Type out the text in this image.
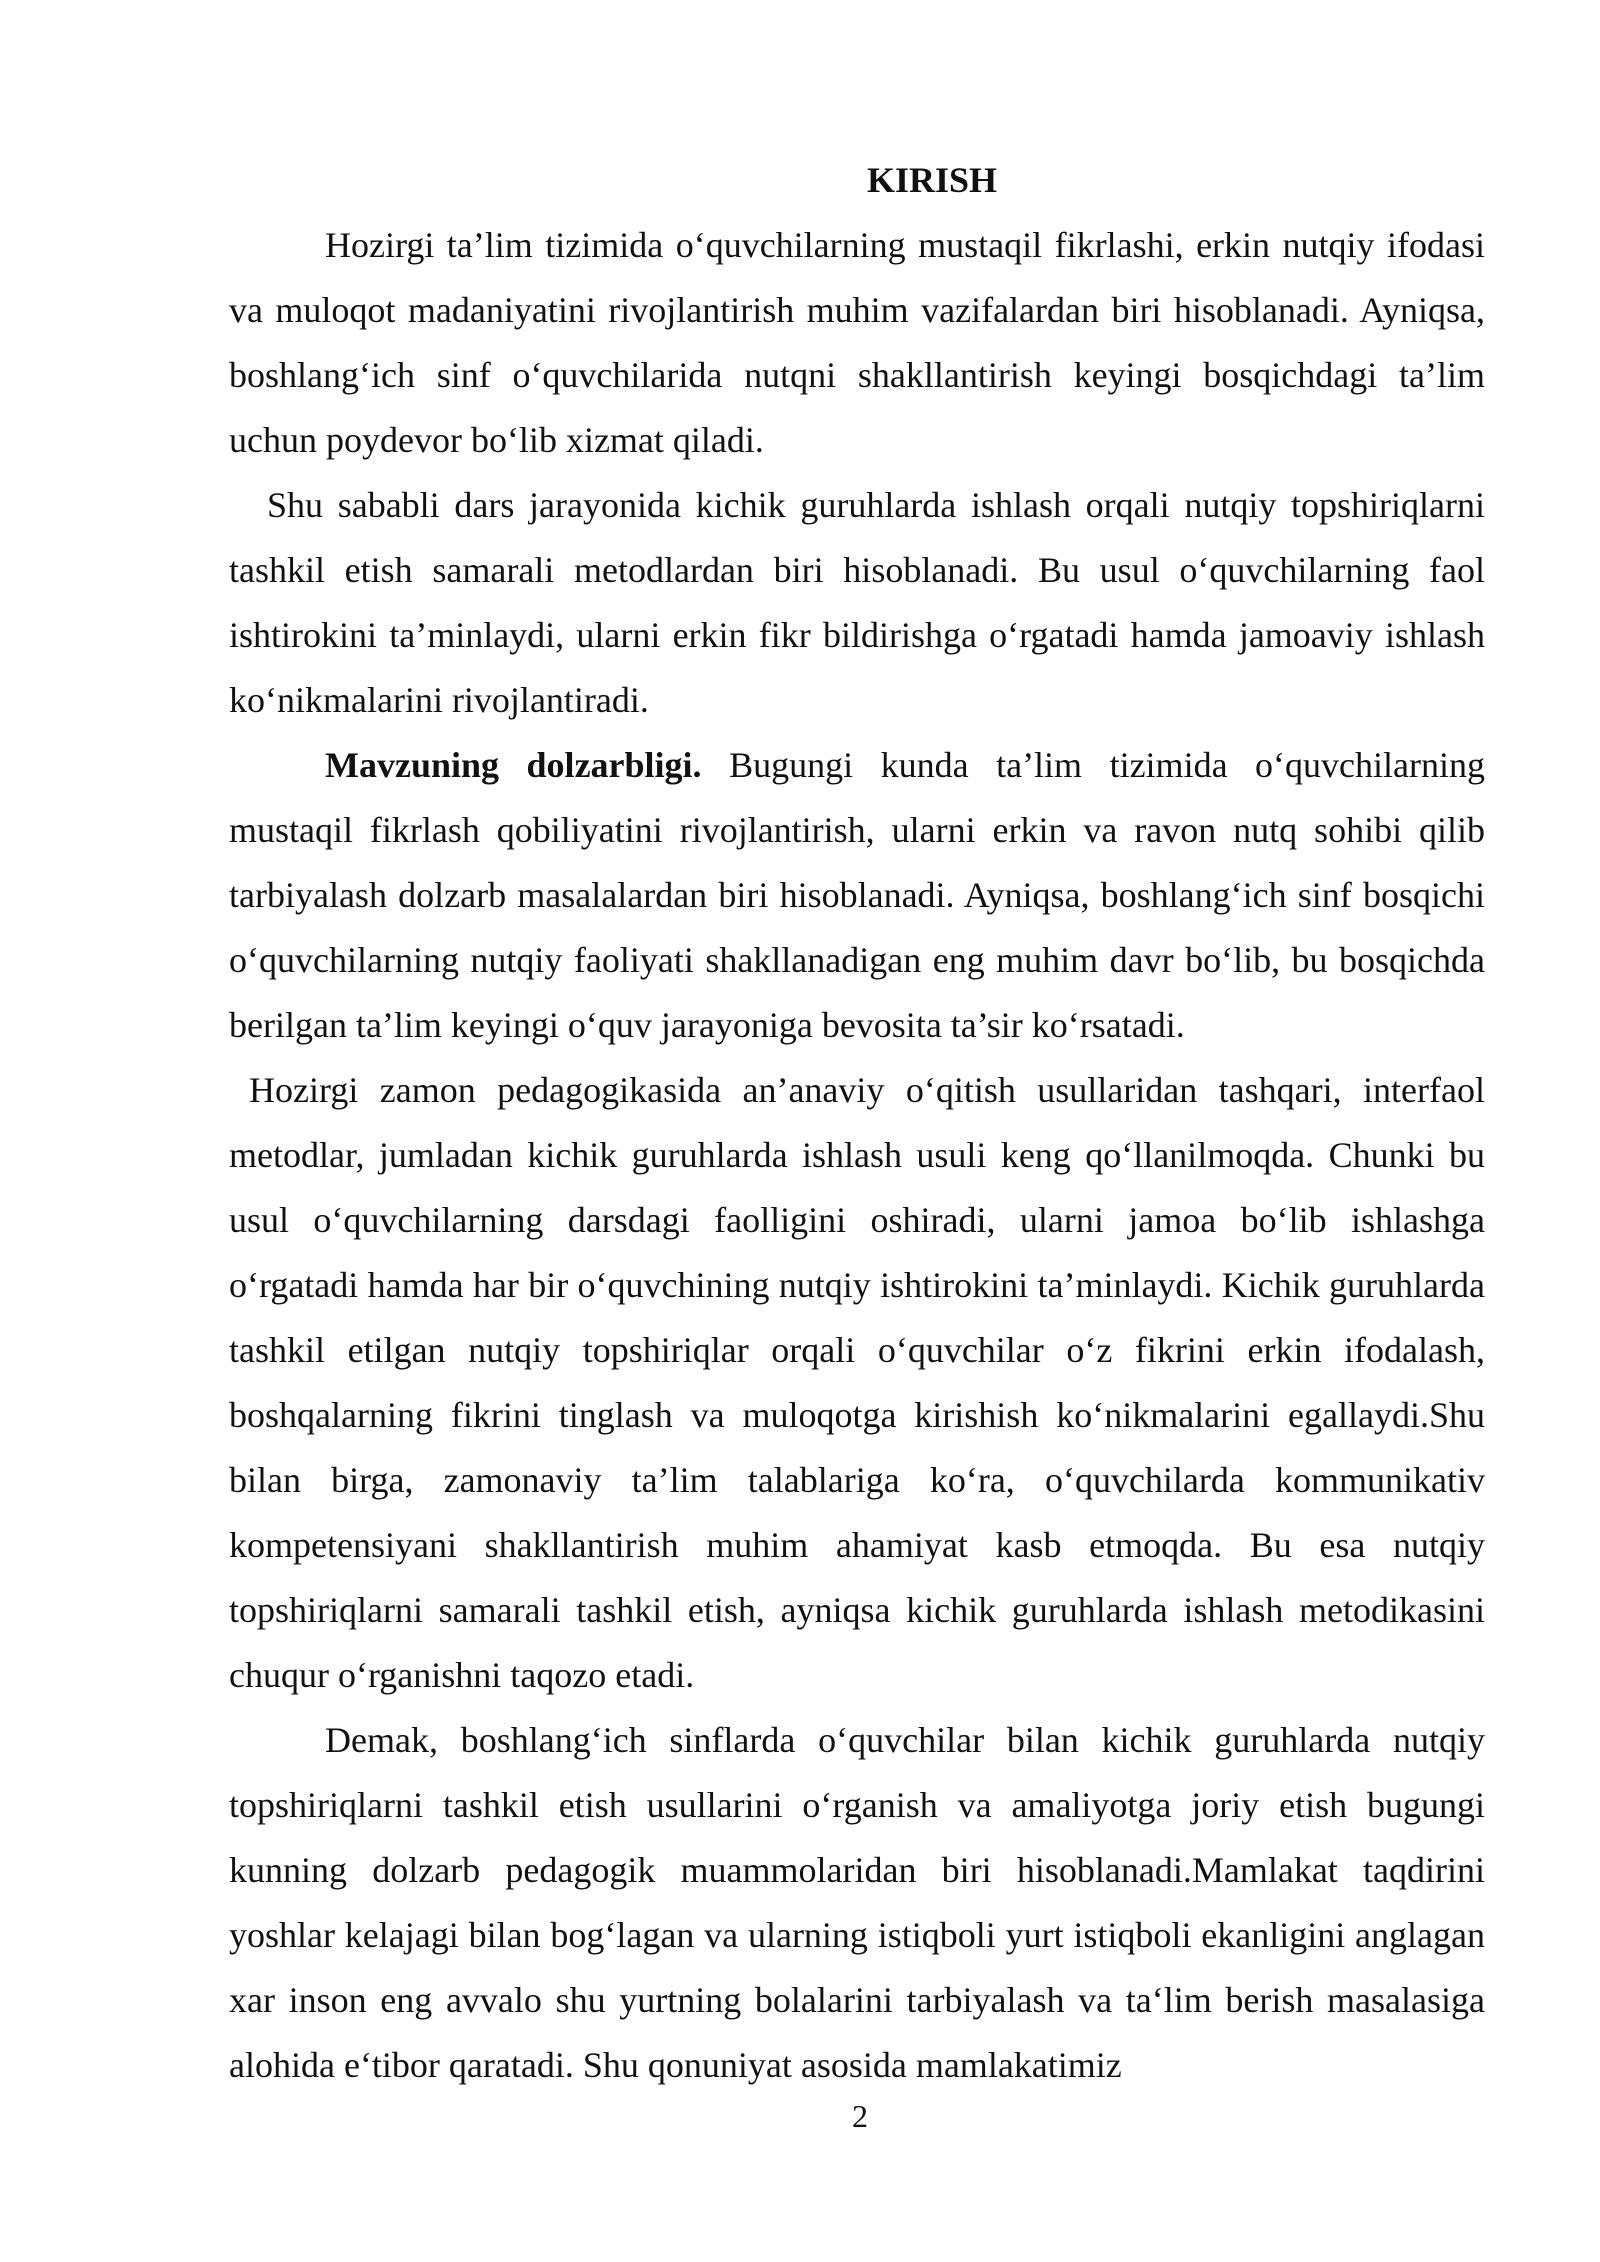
KIRISH

Hozirgi ta’lim tizimida o‘quvchilarning mustaqil fikrlashi, erkin nutqiy ifodasi va muloqot madaniyatini rivojlantirish muhim vazifalardan biri hisoblanadi. Ayniqsa, boshlang‘ich sinf o‘quvchilarida nutqni shakllantirish keyingi bosqichdagi ta’lim uchun poydevor bo‘lib xizmat qiladi.

Shu sababli dars jarayonida kichik guruhlarda ishlash orqali nutqiy topshiriqlarni tashkil etish samarali metodlardan biri hisoblanadi. Bu usul o‘quvchilarning faol ishtirokini ta’minlaydi, ularni erkin fikr bildirishga o‘rgatadi hamda jamoaviy ishlash ko‘nikmalarini rivojlantiradi.

Mavzuning dolzarbligi. Bugungi kunda ta’lim tizimida o‘quvchilarning mustaqil fikrlash qobiliyatini rivojlantirish, ularni erkin va ravon nutq sohibi qilib tarbiyalash dolzarb masalalardan biri hisoblanadi. Ayniqsa, boshlang‘ich sinf bosqichi o‘quvchilarning nutqiy faoliyati shakllanadigan eng muhim davr bo‘lib, bu bosqichda berilgan ta’lim keyingi o‘quv jarayoniga bevosita ta’sir ko‘rsatadi.

Hozirgi zamon pedagogikasida an’anaviy o‘qitish usullaridan tashqari, interfaol metodlar, jumladan kichik guruhlarda ishlash usuli keng qo‘llanilmoqda. Chunki bu usul o‘quvchilarning darsdagi faolligini oshiradi, ularni jamoa bo‘lib ishlashga o‘rgatadi hamda har bir o‘quvchining nutqiy ishtirokini ta’minlaydi. Kichik guruhlarda tashkil etilgan nutqiy topshiriqlar orqali o‘quvchilar o‘z fikrini erkin ifodalash, boshqalarning fikrini tinglash va muloqotga kirishish ko‘nikmalarini egallaydi.Shu bilan birga, zamonaviy ta’lim talablariga ko‘ra, o‘quvchilarda kommunikativ kompetensiyani shakllantirish muhim ahamiyat kasb etmoqda. Bu esa nutqiy topshiriqlarni samarali tashkil etish, ayniqsa kichik guruhlarda ishlash metodikasini chuqur o‘rganishni taqozo etadi.

Demak, boshlang‘ich sinflarda o‘quvchilar bilan kichik guruhlarda nutqiy topshiriqlarni tashkil etish usullarini o‘rganish va amaliyotga joriy etish bugungi kunning dolzarb pedagogik muammolaridan biri hisoblanadi.Mamlakat taqdirini yoshlar kelajagi bilan bog‘lagan va ularning istiqboli yurt istiqboli ekanligini anglagan xar inson eng avvalo shu yurtning bolalarini tarbiyalash va ta‘lim berish masalasiga alohida e‘tibor qaratadi. Shu qonuniyat asosida mamlakatimiz

2
